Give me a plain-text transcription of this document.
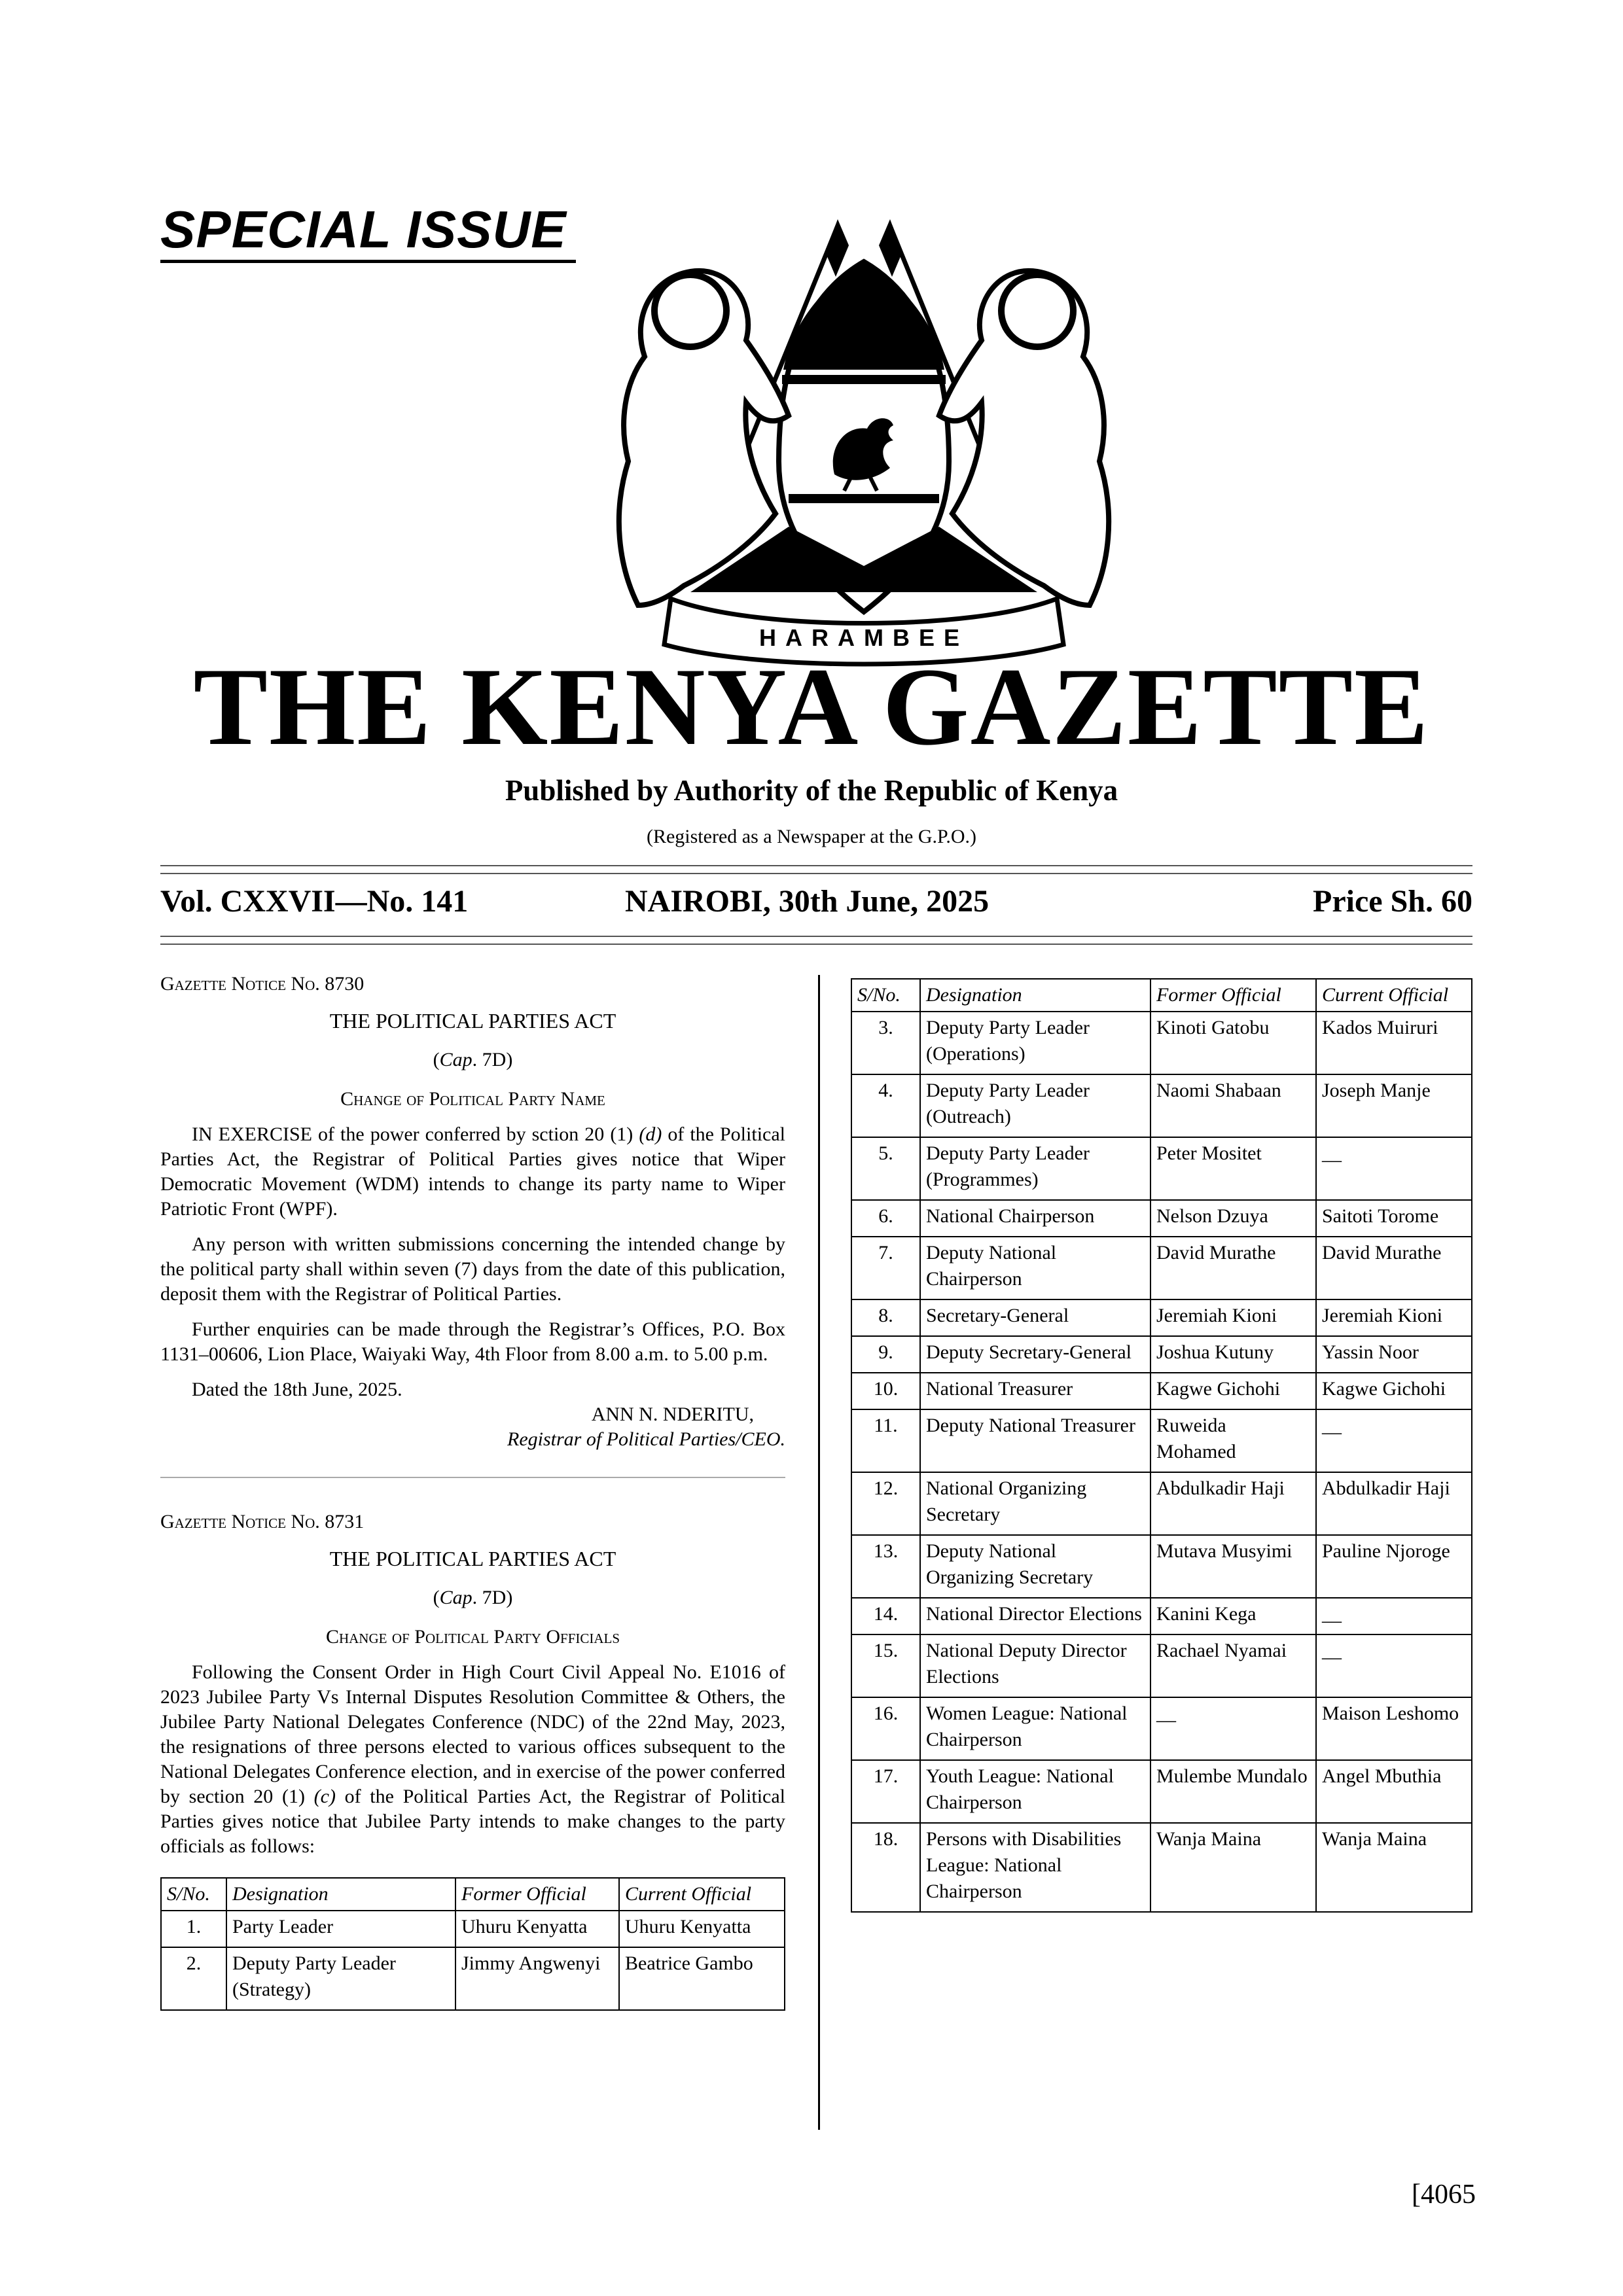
SPECIAL ISSUE
HARAMBEE
THE KENYA GAZETTE
Published by Authority of the Republic of Kenya
(Registered as a Newspaper at the G.P.O.)
Vol. CXXVII—No. 141	NAIROBI, 30th June, 2025	Price Sh. 60

Gazette Notice No. 8730

THE POLITICAL PARTIES ACT

(Cap. 7D)

Change of Political Party Name

IN EXERCISE of the power conferred by sction 20 (1) (d) of the Political Parties Act, the Registrar of Political Parties gives notice that Wiper Democratic Movement (WDM) intends to change its party name to Wiper Patriotic Front (WPF).

Any person with written submissions concerning the intended change by the political party shall within seven (7) days from the date of this publication, deposit them with the Registrar of Political Parties.

Further enquiries can be made through the Registrar’s Offices, P.O. Box 1131–00606, Lion Place, Waiyaki Way, 4th Floor from 8.00 a.m. to 5.00 p.m.

Dated the 18th June, 2025.

ANN N. NDERITU,

Registrar of Political Parties/CEO.

Gazette Notice No. 8731

THE POLITICAL PARTIES ACT

(Cap. 7D)

Change of Political Party Officials

Following the Consent Order in High Court Civil Appeal No. E1016 of 2023 Jubilee Party Vs Internal Disputes Resolution Committee & Others, the Jubilee Party National Delegates Conference (NDC) of the 22nd May, 2023, the resignations of three persons elected to various offices subsequent to the National Delegates Conference election, and in exercise of the power conferred by section 20 (1) (c) of the Political Parties Act, the Registrar of Political Parties gives notice that Jubilee Party intends to make changes to the party officials as follows:

S/No.	Designation	Former Official	Current Official
1.	Party Leader	Uhuru Kenyatta	Uhuru Kenyatta
2.	Deputy Party Leader (Strategy)	Jimmy Angwenyi	Beatrice Gambo
S/No.	Designation	Former Official	Current Official
3.	Deputy Party Leader (Operations)	Kinoti Gatobu	Kados Muiruri
4.	Deputy Party Leader (Outreach)	Naomi Shabaan	Joseph Manje
5.	Deputy Party Leader (Programmes)	Peter Mositet	__
6.	National Chairperson	Nelson Dzuya	Saitoti Torome
7.	Deputy National Chairperson	David Murathe	David Murathe
8.	Secretary-General	Jeremiah Kioni	Jeremiah Kioni
9.	Deputy Secretary-General	Joshua Kutuny	Yassin Noor
10.	National Treasurer	Kagwe Gichohi	Kagwe Gichohi
11.	Deputy National Treasurer	Ruweida Mohamed	__
12.	National Organizing Secretary	Abdulkadir Haji	Abdulkadir Haji
13.	Deputy National Organizing Secretary	Mutava Musyimi	Pauline Njoroge
14.	National Director Elections	Kanini Kega	__
15.	National Deputy Director Elections	Rachael Nyamai	__
16.	Women League: National Chairperson	__	Maison Leshomo
17.	Youth League: National Chairperson	Mulembe Mundalo	Angel Mbuthia
18.	Persons with Disabilities League: National Chairperson	Wanja Maina	Wanja Maina
[4065
